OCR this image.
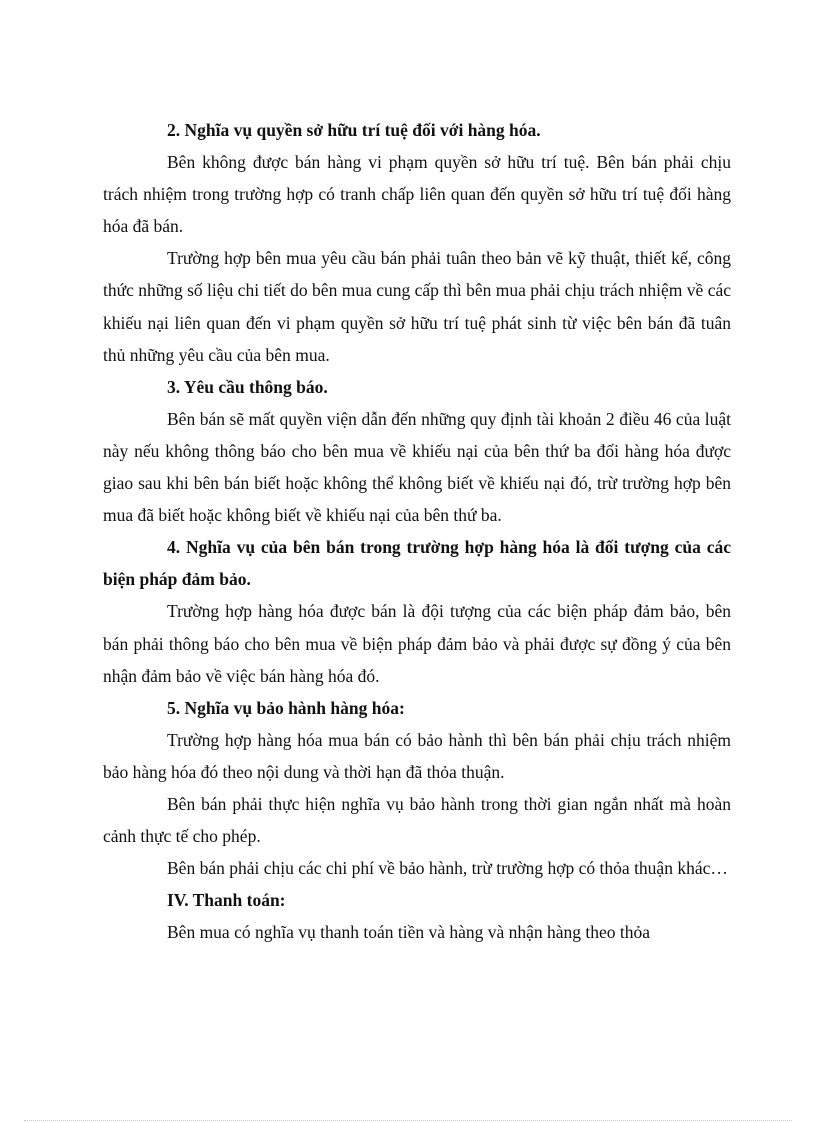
2. Nghĩa vụ quyền sở hữu trí tuệ đối với hàng hóa.

Bên không được bán hàng vi phạm quyền sở hữu trí tuệ. Bên bán phải chịu trách nhiệm trong trường hợp có tranh chấp liên quan đến quyền sở hữu trí tuệ đối hàng hóa đã bán.

Trường hợp bên mua yêu cầu bán phải tuân theo bản vẽ kỹ thuật, thiết kế, công thức những số liệu chi tiết do bên mua cung cấp thì bên mua phải chịu trách nhiệm về các khiếu nại liên quan đến vi phạm quyền sở hữu trí tuệ phát sinh từ việc bên bán đã tuân thủ những yêu cầu của bên mua.

3. Yêu cầu thông báo.

Bên bán sẽ mất quyền viện dẫn đến những quy định tài khoản 2 điều 46 của luật này nếu không thông báo cho bên mua về khiếu nại của bên thứ ba đối hàng hóa được giao sau khi bên bán biết hoặc không thể không biết về khiếu nại đó, trừ trường hợp bên mua đã biết hoặc không biết về khiếu nại của bên thứ ba.

4. Nghĩa vụ của bên bán trong trường hợp hàng hóa là đối tượng của các biện pháp đảm bảo.

Trường hợp hàng hóa được bán là đội tượng của các biện pháp đảm bảo, bên bán phải thông báo cho bên mua về biện pháp đảm bảo và phải được sự đồng ý của bên nhận đảm bảo về việc bán hàng hóa đó.

5. Nghĩa vụ bảo hành hàng hóa:

Trường hợp hàng hóa mua bán có bảo hành thì bên bán phải chịu trách nhiệm bảo hàng hóa đó theo nội dung và thời hạn đã thỏa thuận.

Bên bán phải thực hiện nghĩa vụ bảo hành trong thời gian ngắn nhất mà hoàn cảnh thực tế cho phép.

Bên bán phải chịu các chi phí về bảo hành, trừ trường hợp có thỏa thuận khác…

IV. Thanh toán:

Bên mua có nghĩa vụ thanh toán tiền và hàng và nhận hàng theo thỏa
